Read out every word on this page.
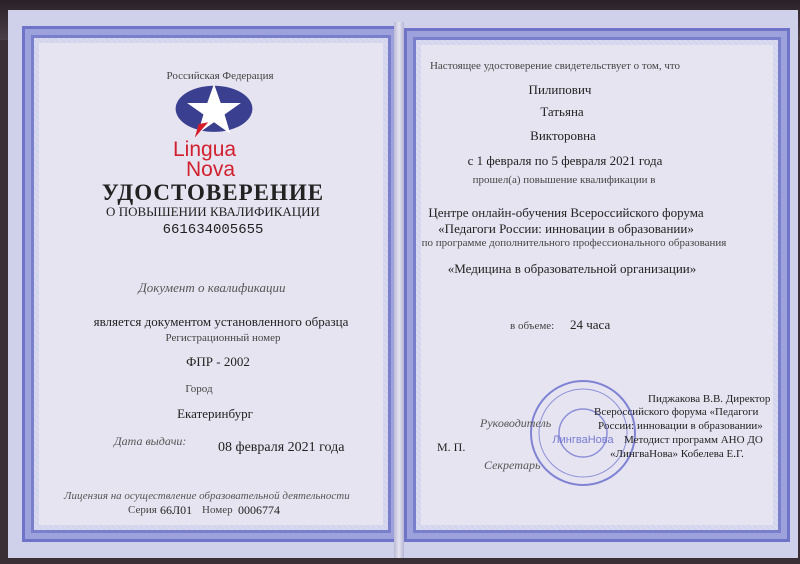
Российская Федерация
Lingua
Nova
УДОСТОВЕРЕНИЕ
О ПОВЫШЕНИИ КВАЛИФИКАЦИИ
661634005655
Документ о квалификации
является документом установленного образца
Регистрационный номер
ФПР - 2002
Город
Екатеринбург
Дата выдачи: 08 февраля 2021 года
Лицензия на осуществление образовательной деятельности
Серия 66Л01 Номер 0006774
Настоящее удостоверение свидетельствует о том, что
Пилипович
Татьяна
Викторовна
с 1 февраля по 5 февраля 2021 года
прошел(а) повышение квалификации в
Центре онлайн-обучения Всероссийского форума
«Педагоги России: инновации в образовании»
по программе дополнительного профессионального образования
«Медицина в образовательной организации»
в объеме: 24 часа
ЛингваНова
Руководитель
Пиджакова В.В. Директор
Всероссийского форума «Педагоги
России: инновации в образовании»
Методист программ АНО ДО
«ЛингваНова» Кобелева Е.Г.
М. П.
Секретарь
